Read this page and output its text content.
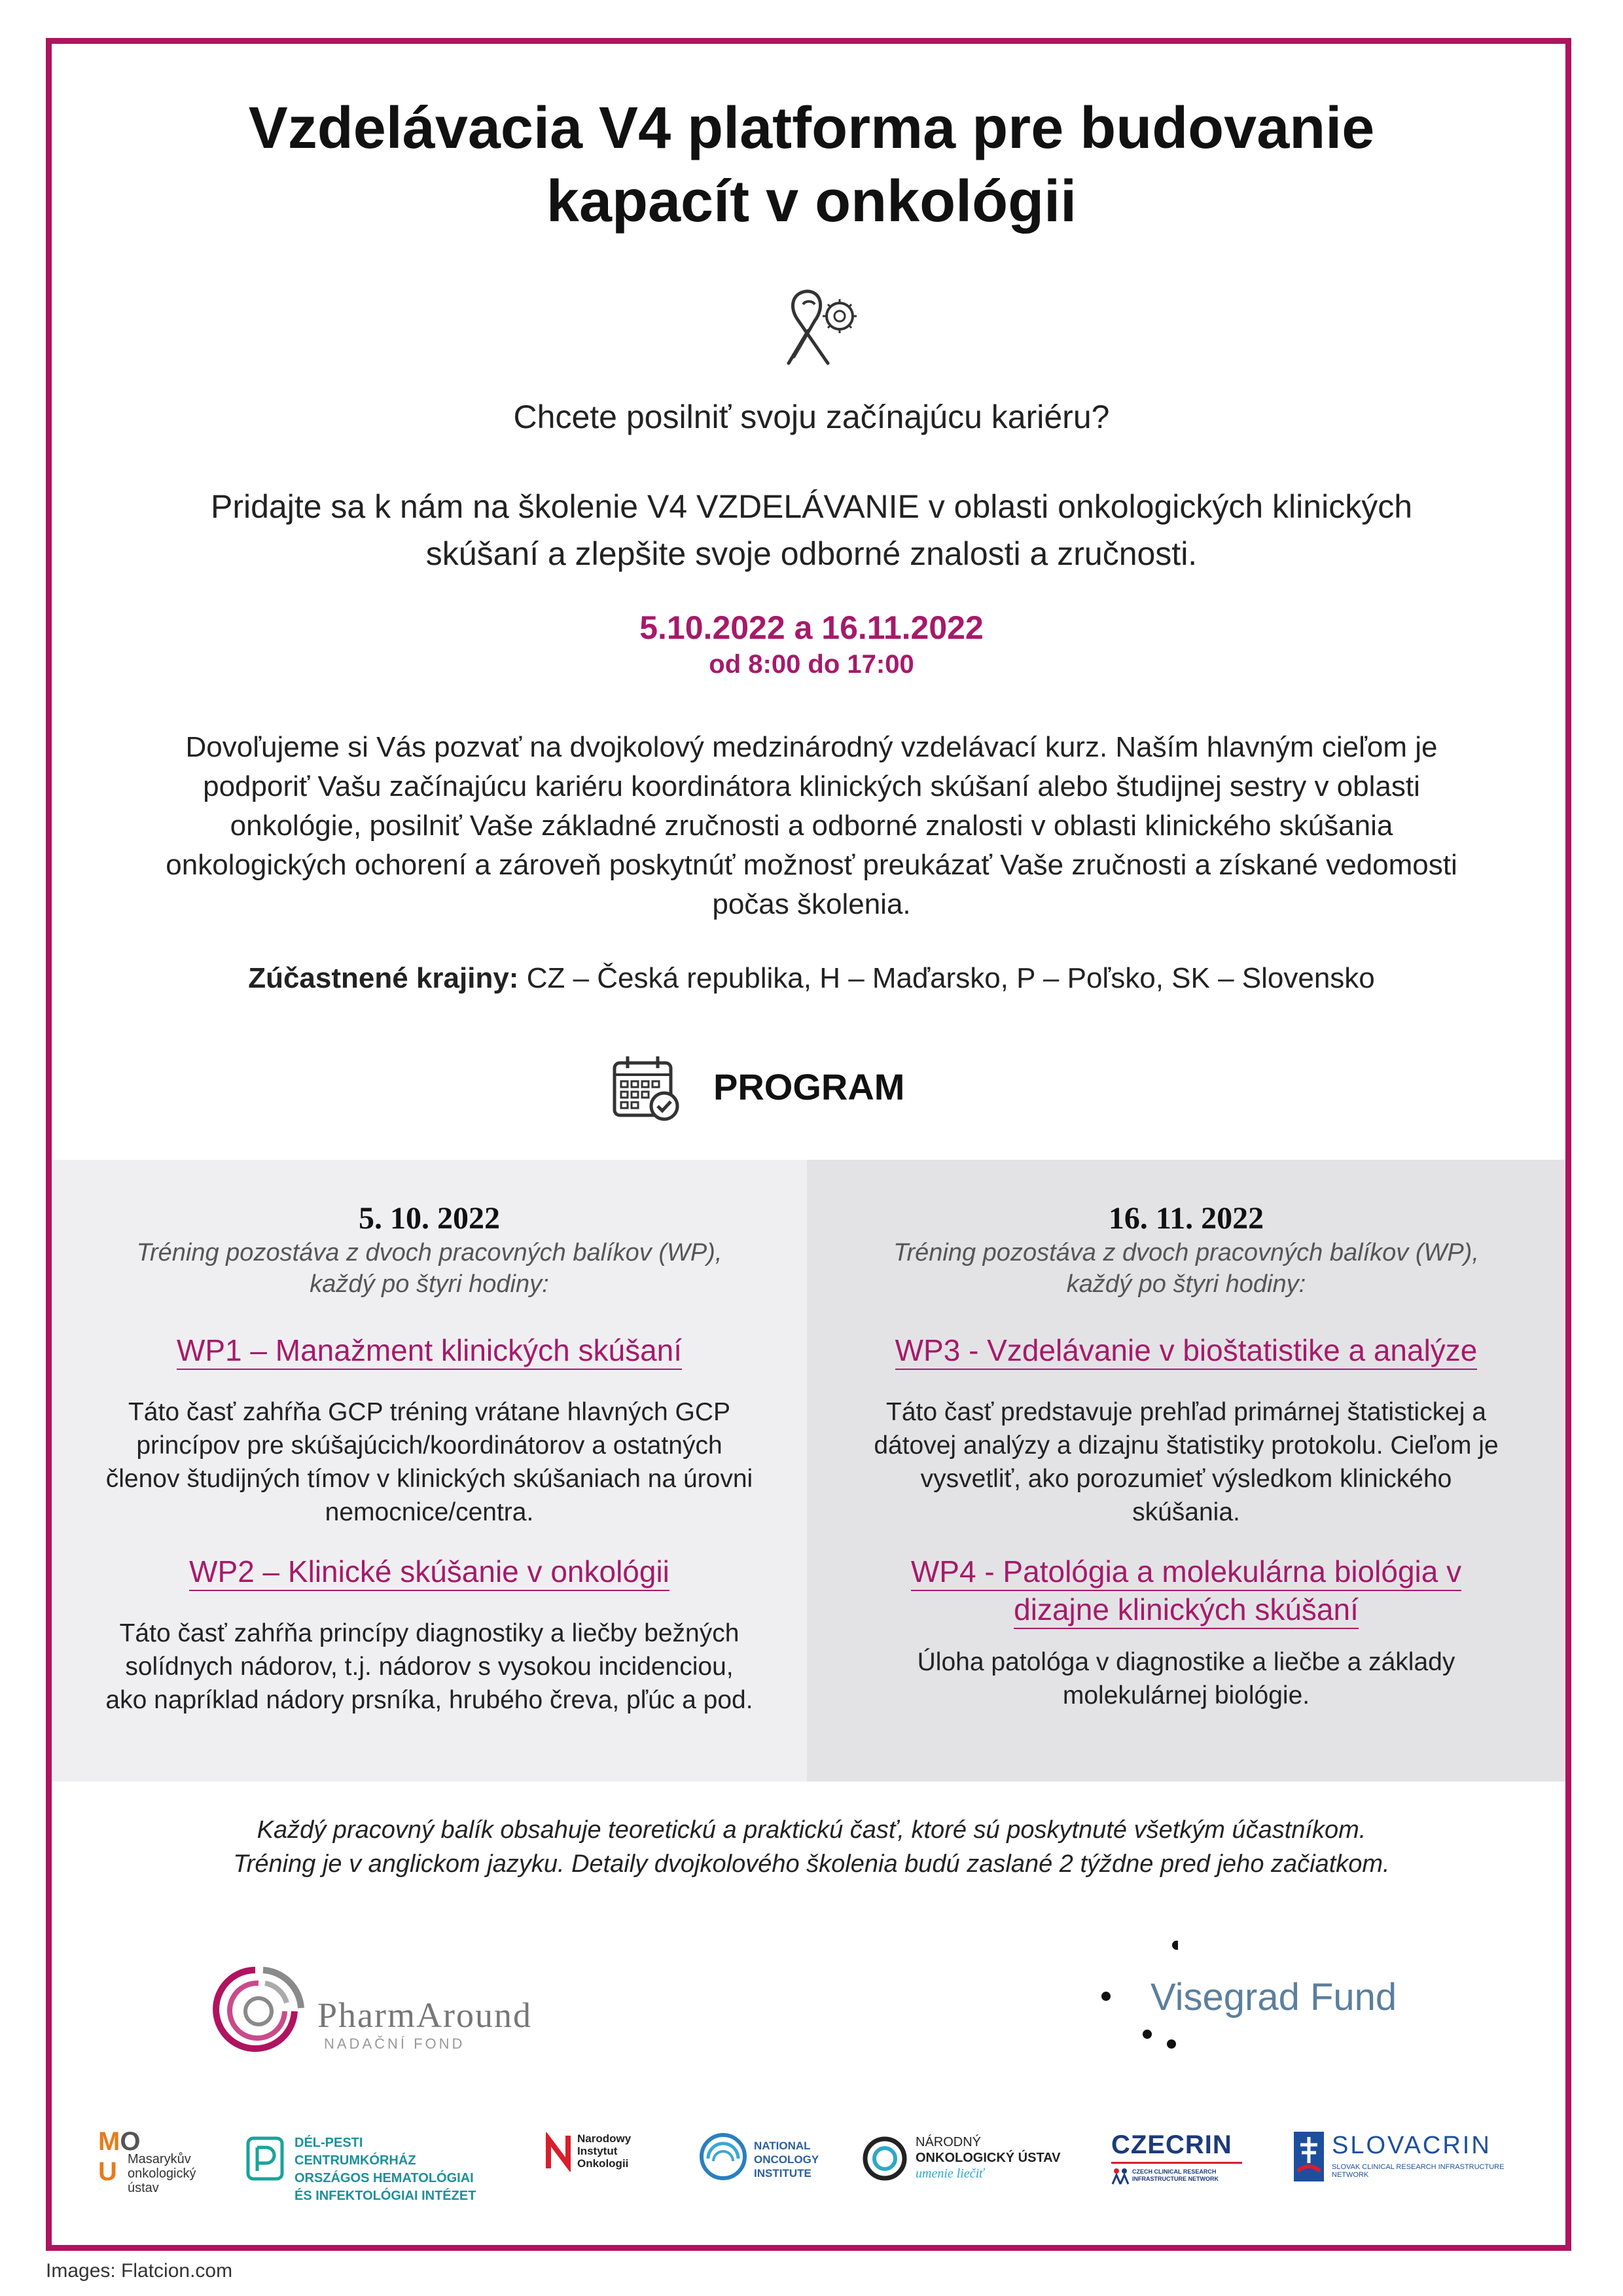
Vzdelávacia V4 platforma pre budovanie
kapacít v onkológii
Chcete posilniť svoju začínajúcu kariéru?
Pridajte sa k nám na školenie V4 VZDELÁVANIE v oblasti onkologických klinických
skúšaní a zlepšite svoje odborné znalosti a zručnosti.
5.10.2022 a 16.11.2022
od 8:00 do 17:00
Dovoľujeme si Vás pozvať na dvojkolový medzinárodný vzdelávací kurz. Naším hlavným cieľom je
podporiť Vašu začínajúcu kariéru koordinátora klinických skúšaní alebo študijnej sestry v oblasti
onkológie, posilniť Vaše základné zručnosti a odborné znalosti v oblasti klinického skúšania
onkologických ochorení a zároveň poskytnúť možnosť preukázať Vaše zručnosti a získané vedomosti
počas školenia.
Zúčastnené krajiny: CZ – Česká republika, H – Maďarsko, P – Poľsko, SK – Slovensko
PROGRAM
5. 10. 2022
Tréning pozostáva z dvoch pracovných balíkov (WP),
každý po štyri hodiny:
WP1 – Manažment klinických skúšaní
Táto časť zahŕňa GCP tréning vrátane hlavných GCP
princípov pre skúšajúcich/koordinátorov a ostatných
členov študijných tímov v klinických skúšaniach na úrovni
nemocnice/centra.
WP2 – Klinické skúšanie v onkológii
Táto časť zahŕňa princípy diagnostiky a liečby bežných
solídnych nádorov, t.j. nádorov s vysokou incidenciou,
ako napríklad nádory prsníka, hrubého čreva, pľúc a pod.
16. 11. 2022
Tréning pozostáva z dvoch pracovných balíkov (WP),
každý po štyri hodiny:
WP3 - Vzdelávanie v bioštatistike a analýze
Táto časť predstavuje prehľad primárnej štatistickej a
dátovej analýzy a dizajnu štatistiky protokolu. Cieľom je
vysvetliť, ako porozumieť výsledkom klinického
skúšania.
WP4 - Patológia a molekulárna biológia v
dizajne klinických skúšaní
Úloha patológa v diagnostike a liečbe a základy
molekulárnej biológie.
Každý pracovný balík obsahuje teoretickú a praktickú časť, ktoré sú poskytnuté všetkým účastníkom.
Tréning je v anglickom jazyku. Detaily dvojkolového školenia budú zaslané 2 týždne pred jeho začiatkom.
PharmAround
NADAČNÍ FOND
Visegrad Fund
MO
U Masarykův
onkologický
ústav
DÉL-PESTI CENTRUMKÓRHÁZ
ORSZÁGOS HEMATOLÓGIAI
ÉS INFEKTOLÓGIAI INTÉZET
Narodowy
Instytut
Onkologii
NATIONAL
ONCOLOGY
INSTITUTE
NÁRODNÝ
ONKOLOGICKÝ ÚSTAV
umenie liečiť
CZECRIN
CZECH CLINICAL RESEARCH INFRASTRUCTURE NETWORK
SLOVACRIN
SLOVAK CLINICAL RESEARCH INFRASTRUCTURE NETWORK
Images: Flatcion.com
